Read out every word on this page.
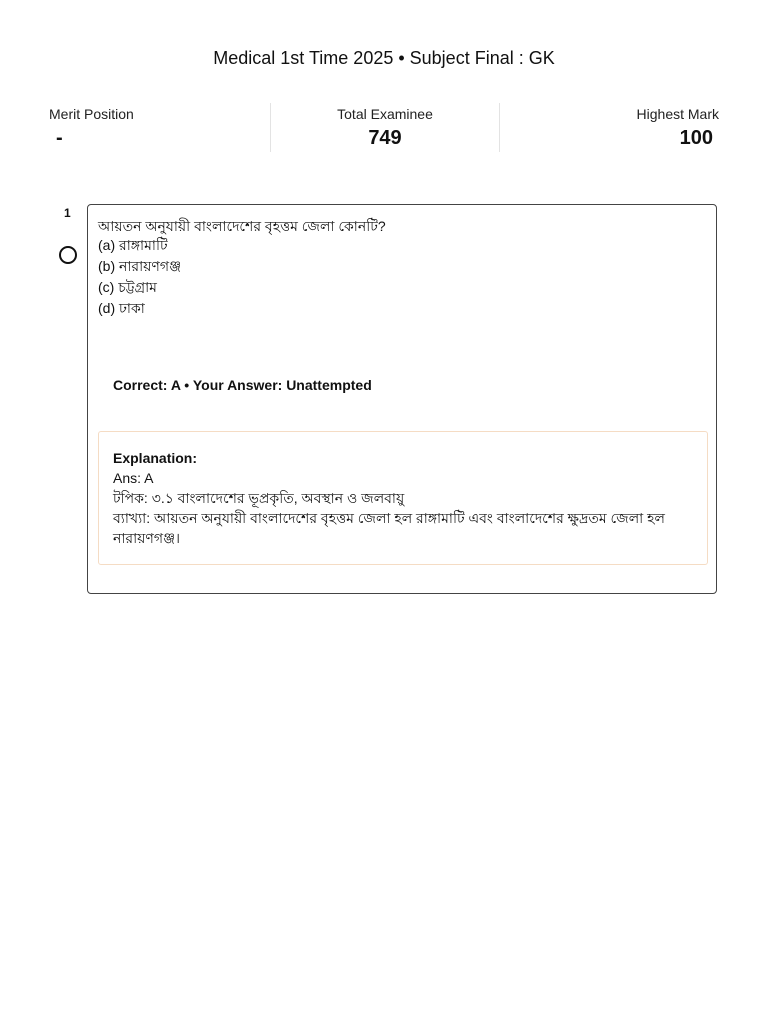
Medical 1st Time 2025 • Subject Final : GK
Merit Position
-
Total Examinee
749
Highest Mark
100
1
আয়তন অনুযায়ী বাংলাদেশের বৃহত্তম জেলা কোনটি?
(a) রাঙ্গামাটি
(b) নারায়ণগঞ্জ
(c) চট্টগ্রাম
(d) ঢাকা
Correct: A • Your Answer: Unattempted
Explanation:
Ans: A
টপিক: ৩.১ বাংলাদেশের ভূপ্রকৃতি, অবস্থান ও জলবায়ু
ব্যাখ্যা: আয়তন অনুযায়ী বাংলাদেশের বৃহত্তম জেলা হল রাঙ্গামাটি এবং বাংলাদেশের ক্ষুদ্রতম জেলা হল নারায়ণগঞ্জ।
